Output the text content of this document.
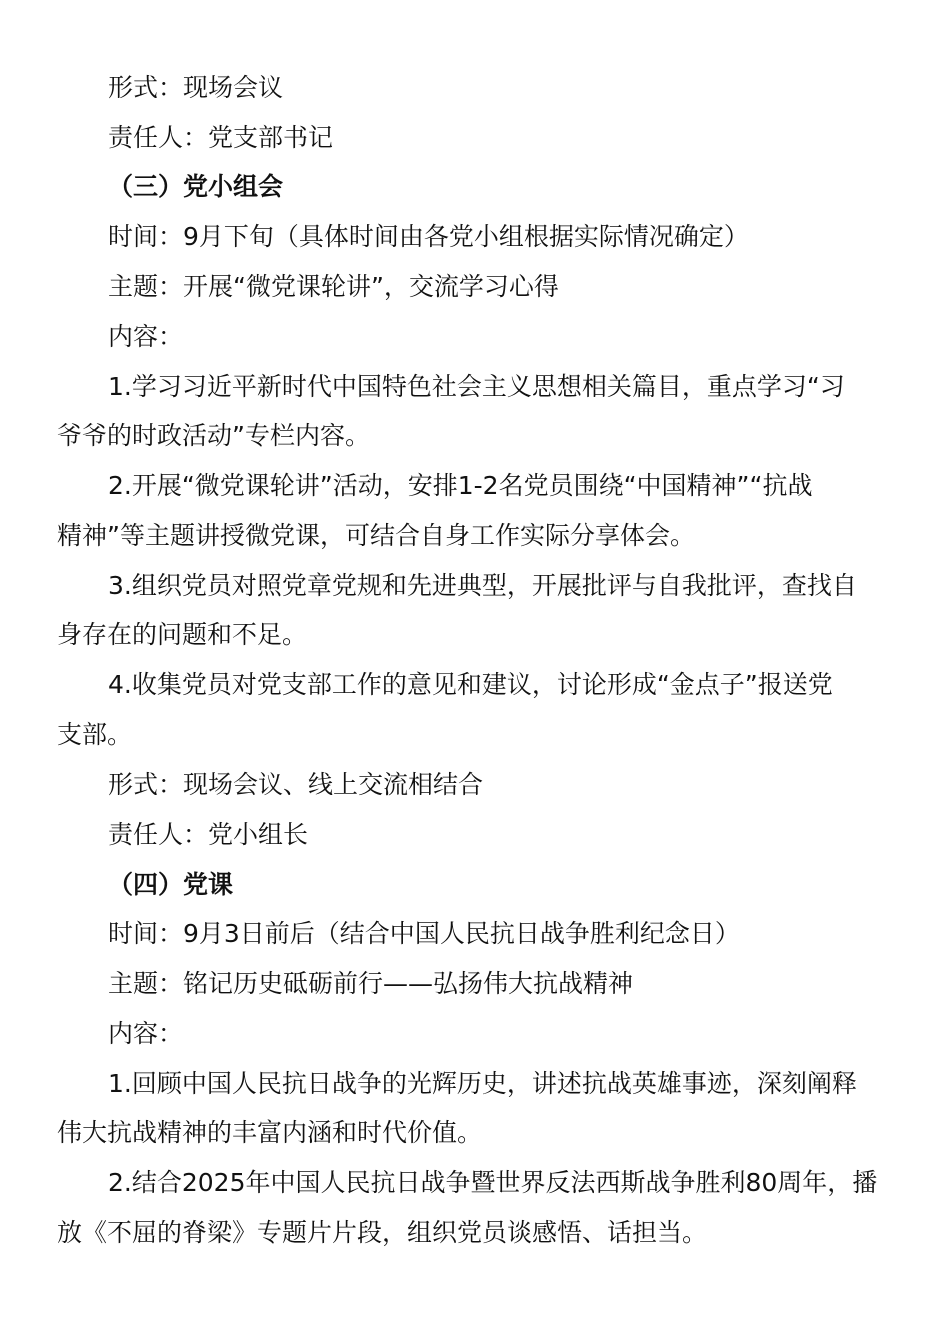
形式：现场会议
责任人：党支部书记
（三）党小组会
时间：9月下旬（具体时间由各党小组根据实际情况确定）
主题：开展“微党课轮讲”，交流学习心得
内容：
1.学习习近平新时代中国特色社会主义思想相关篇目，重点学习“习
爷爷的时政活动”专栏内容。
2.开展“微党课轮讲”活动，安排1-2名党员围绕“中国精神”“抗战
精神”等主题讲授微党课，可结合自身工作实际分享体会。
3.组织党员对照党章党规和先进典型，开展批评与自我批评，查找自
身存在的问题和不足。
4.收集党员对党支部工作的意见和建议，讨论形成“金点子”报送党
支部。
形式：现场会议、线上交流相结合
责任人：党小组长
（四）党课
时间：9月3日前后（结合中国人民抗日战争胜利纪念日）
主题：铭记历史砥砺前行——弘扬伟大抗战精神
内容：
1.回顾中国人民抗日战争的光辉历史，讲述抗战英雄事迹，深刻阐释
伟大抗战精神的丰富内涵和时代价值。
2.结合2025年中国人民抗日战争暨世界反法西斯战争胜利80周年，播
放《不屈的脊梁》专题片片段，组织党员谈感悟、话担当。
